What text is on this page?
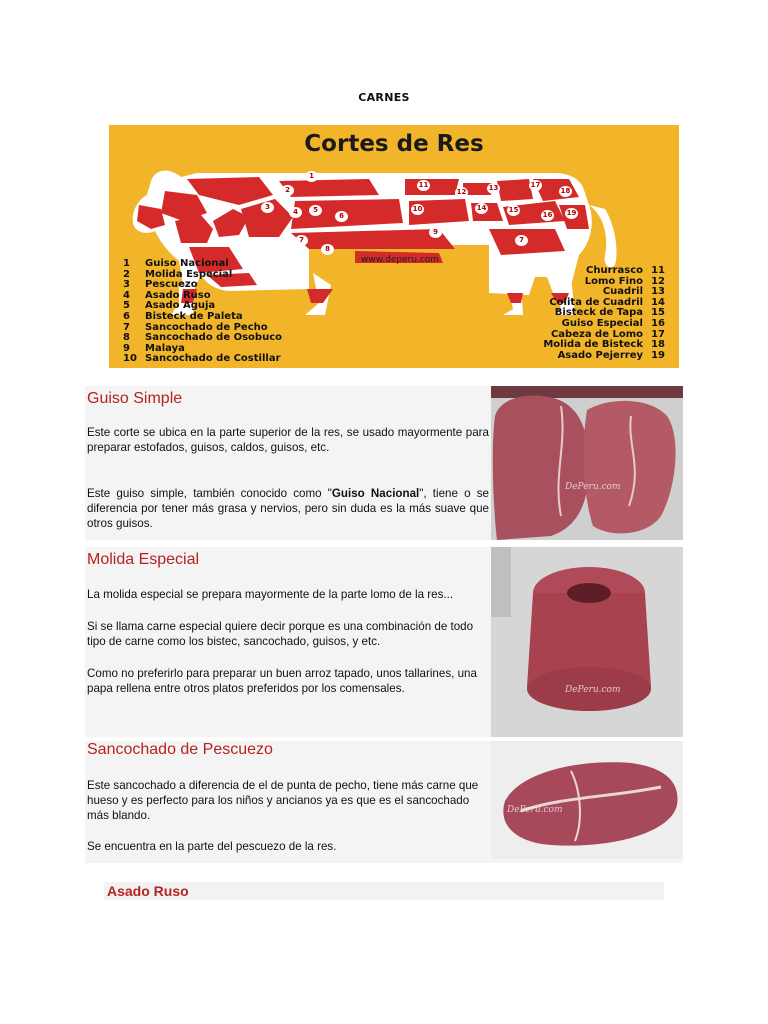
CARNES
Cortes de Res
1
2
3
4	5
6
7
8
9
10
11
12	13
14	15
16
17
18
19
7
www.deperu.com
1	Guiso Nacional
2	Molida Especial
3	Pescuezo
4	Asado Ruso
5	Asado Aguja
6	Bisteck de Paleta
7	Sancochado de Pecho
8	Sancochado de Osobuco
9	Malaya
10 Sancochado de Costillar
Churrasco 11
Lomo Fino 12
Cuadril 13
Colita de Cuadril 14
Bisteck de Tapa 15
Guiso Especial 16
Cabeza de Lomo 17
Molida de Bisteck 18
Asado Pejerrey 19
Guiso Simple
Este corte se ubica en la parte superior de la res, se usado mayormente para preparar estofados, guisos, caldos, guisos, etc.
Este guiso simple, también conocido como "Guiso Nacional", tiene o se diferencia por tener más grasa y nervios, pero sin duda es la más suave que otros guisos.
DePeru.com
Molida Especial
La molida especial se prepara mayormente de la parte lomo de la res...
Si se llama carne especial quiere decir porque es una combinación de todo tipo de carne como los bistec, sancochado, guisos, y etc.
Como no preferirlo para preparar un buen arroz tapado, unos tallarines, una papa rellena entre otros platos preferidos por los comensales.	DePeru.com
Sancochado de Pescuezo
Este sancochado a diferencia de el de punta de pecho, tiene más carne que hueso y es perfecto para los niños y ancianos ya es que es el sancochado más blando.
Se encuentra en la parte del pescuezo de la res.
DePeru.com
Asado Ruso
